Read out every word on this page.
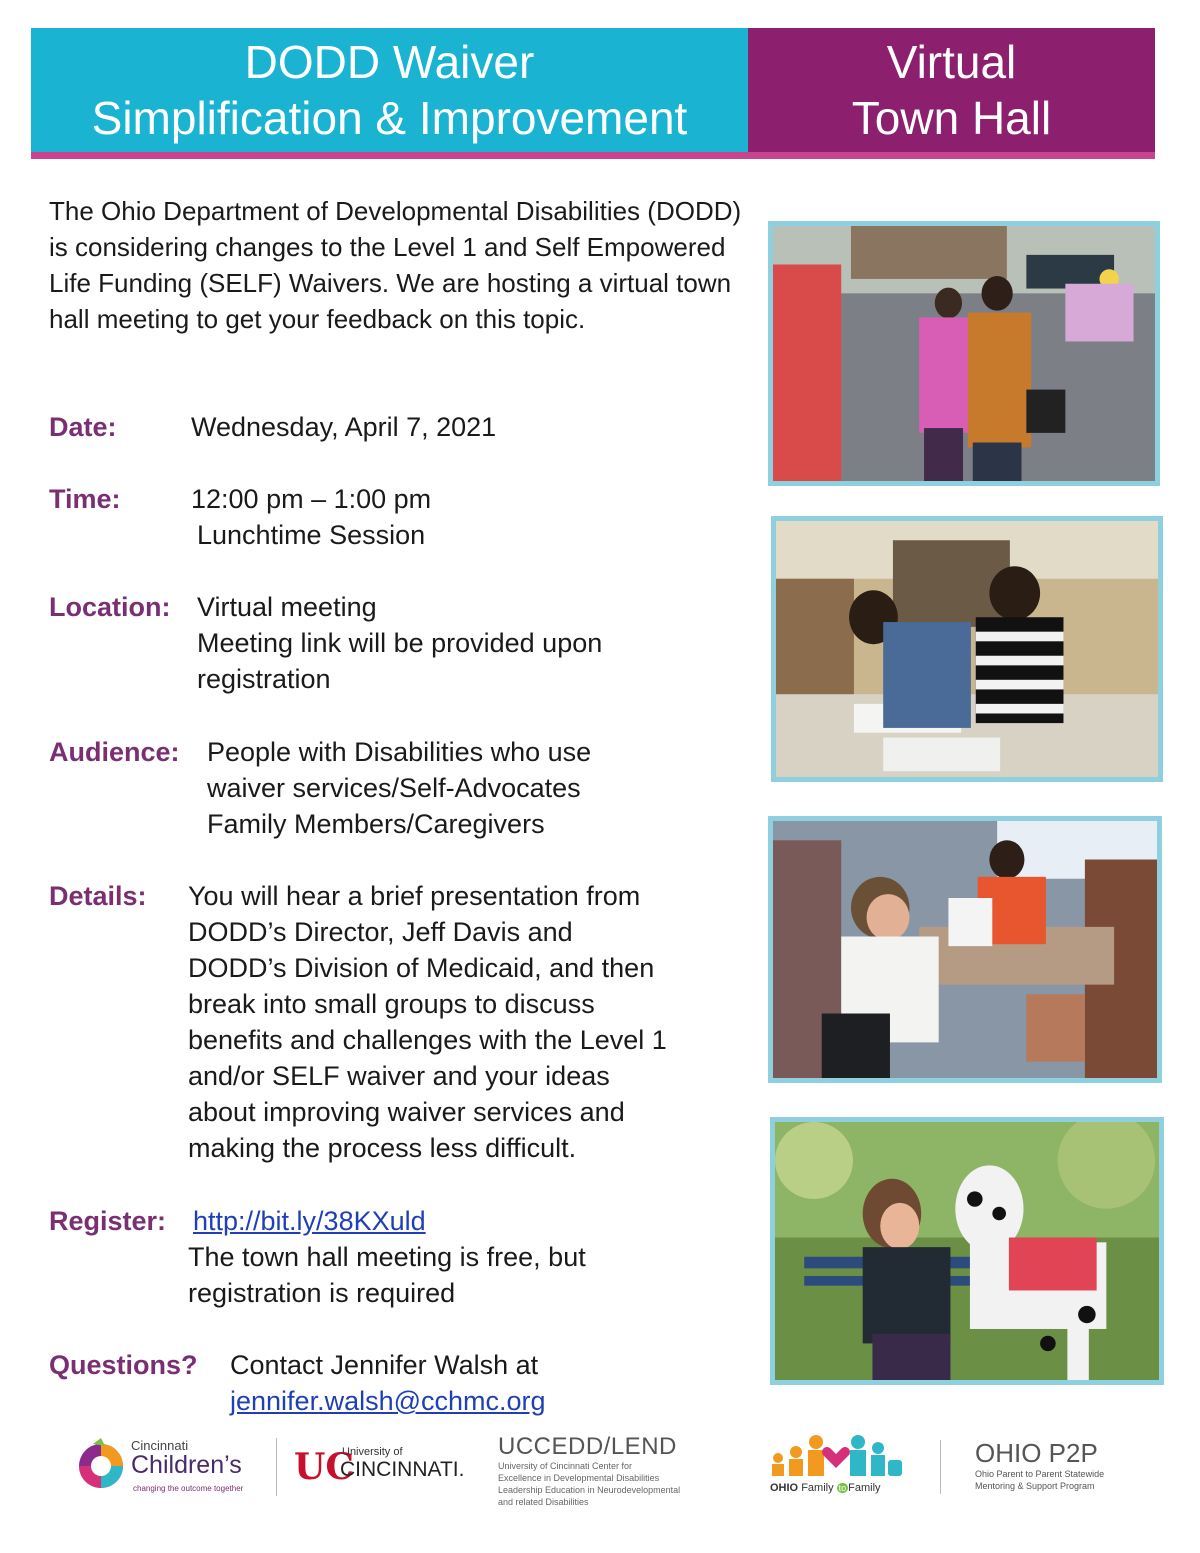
DODD Waiver
Simplification & Improvement
Virtual
Town Hall

The Ohio Department of Developmental Disabilities (DODD) is considering changes to the Level 1 and Self Empowered Life Funding (SELF) Waivers. We are hosting a virtual town hall meeting to get your feedback on this topic.

Date:	Wednesday, April 7, 2021
Time:	12:00 pm – 1:00 pm
Lunchtime Session
Location: Virtual meeting
Meeting link will be provided upon
registration
Audience: People with Disabilities who use
waiver services/Self-Advocates
Family Members/Caregivers
Details: You will hear a brief presentation from
DODD’s Director, Jeff Davis and
DODD’s Division of Medicaid, and then
break into small groups to discuss
benefits and challenges with the Level 1
and/or SELF waiver and your ideas
about improving waiver services and
making the process less difficult.
Register: http://bit.ly/38KXuld
The town hall meeting is free, but
registration is required
Questions? Contact Jennifer Walsh at
jennifer.walsh@cchmc.org
Cincinnati
Children’s
changing the outcome together
UC
University of
CINCINNATI.
UCCEDD/LEND
University of Cincinnati Center for
Excellence in Developmental Disabilities
Leadership Education in Neurodevelopmental
and related Disabilities
OHIO Family to Family
OHIO P2P
Ohio Parent to Parent Statewide
Mentoring & Support Program
